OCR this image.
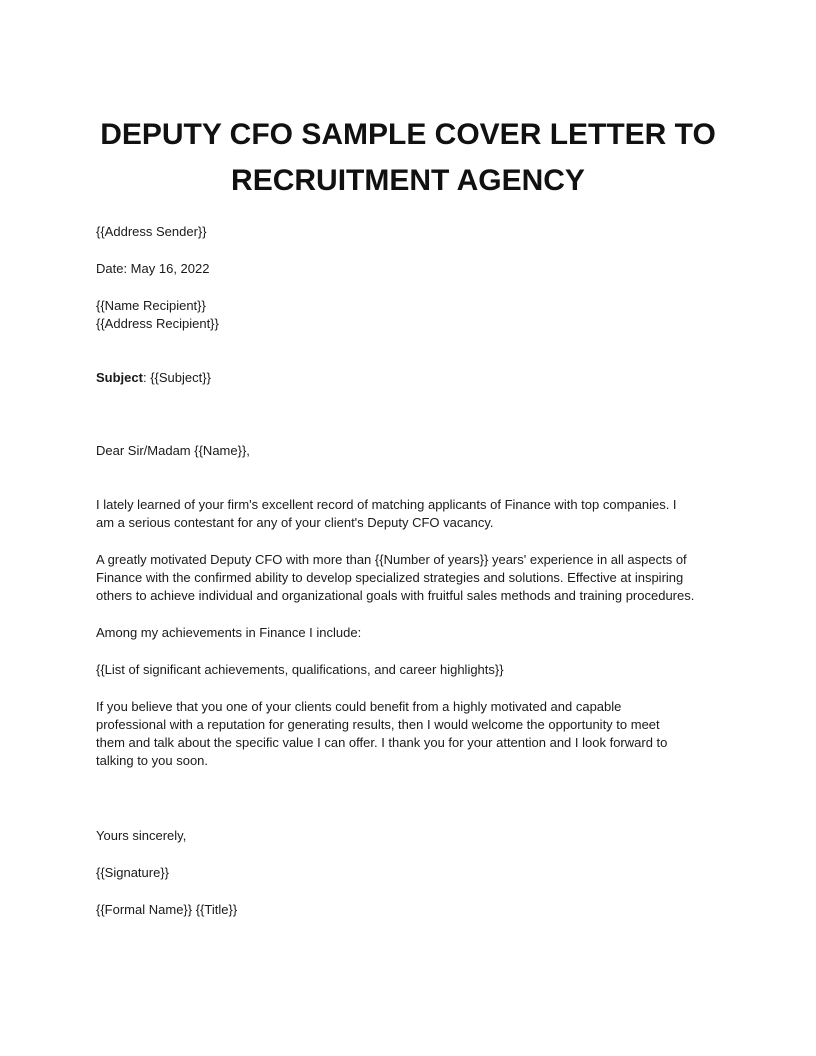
DEPUTY CFO SAMPLE COVER LETTER TO
RECRUITMENT AGENCY

{{Address Sender}}

Date: May 16, 2022

{{Name Recipient}}

{{Address Recipient}}

Subject: {{Subject}}

Dear Sir/Madam {{Name}},

I lately learned of your firm's excellent record of matching applicants of Finance with top companies. I
am a serious contestant for any of your client's Deputy CFO vacancy.

A greatly motivated Deputy CFO with more than {{Number of years}} years' experience in all aspects of
Finance with the confirmed ability to develop specialized strategies and solutions. Effective at inspiring
others to achieve individual and organizational goals with fruitful sales methods and training procedures.

Among my achievements in Finance I include:

{{List of significant achievements, qualifications, and career highlights}}

If you believe that you one of your clients could benefit from a highly motivated and capable
professional with a reputation for generating results, then I would welcome the opportunity to meet
them and talk about the specific value I can offer. I thank you for your attention and I look forward to
talking to you soon.

Yours sincerely,

{{Signature}}

{{Formal Name}} {{Title}}
